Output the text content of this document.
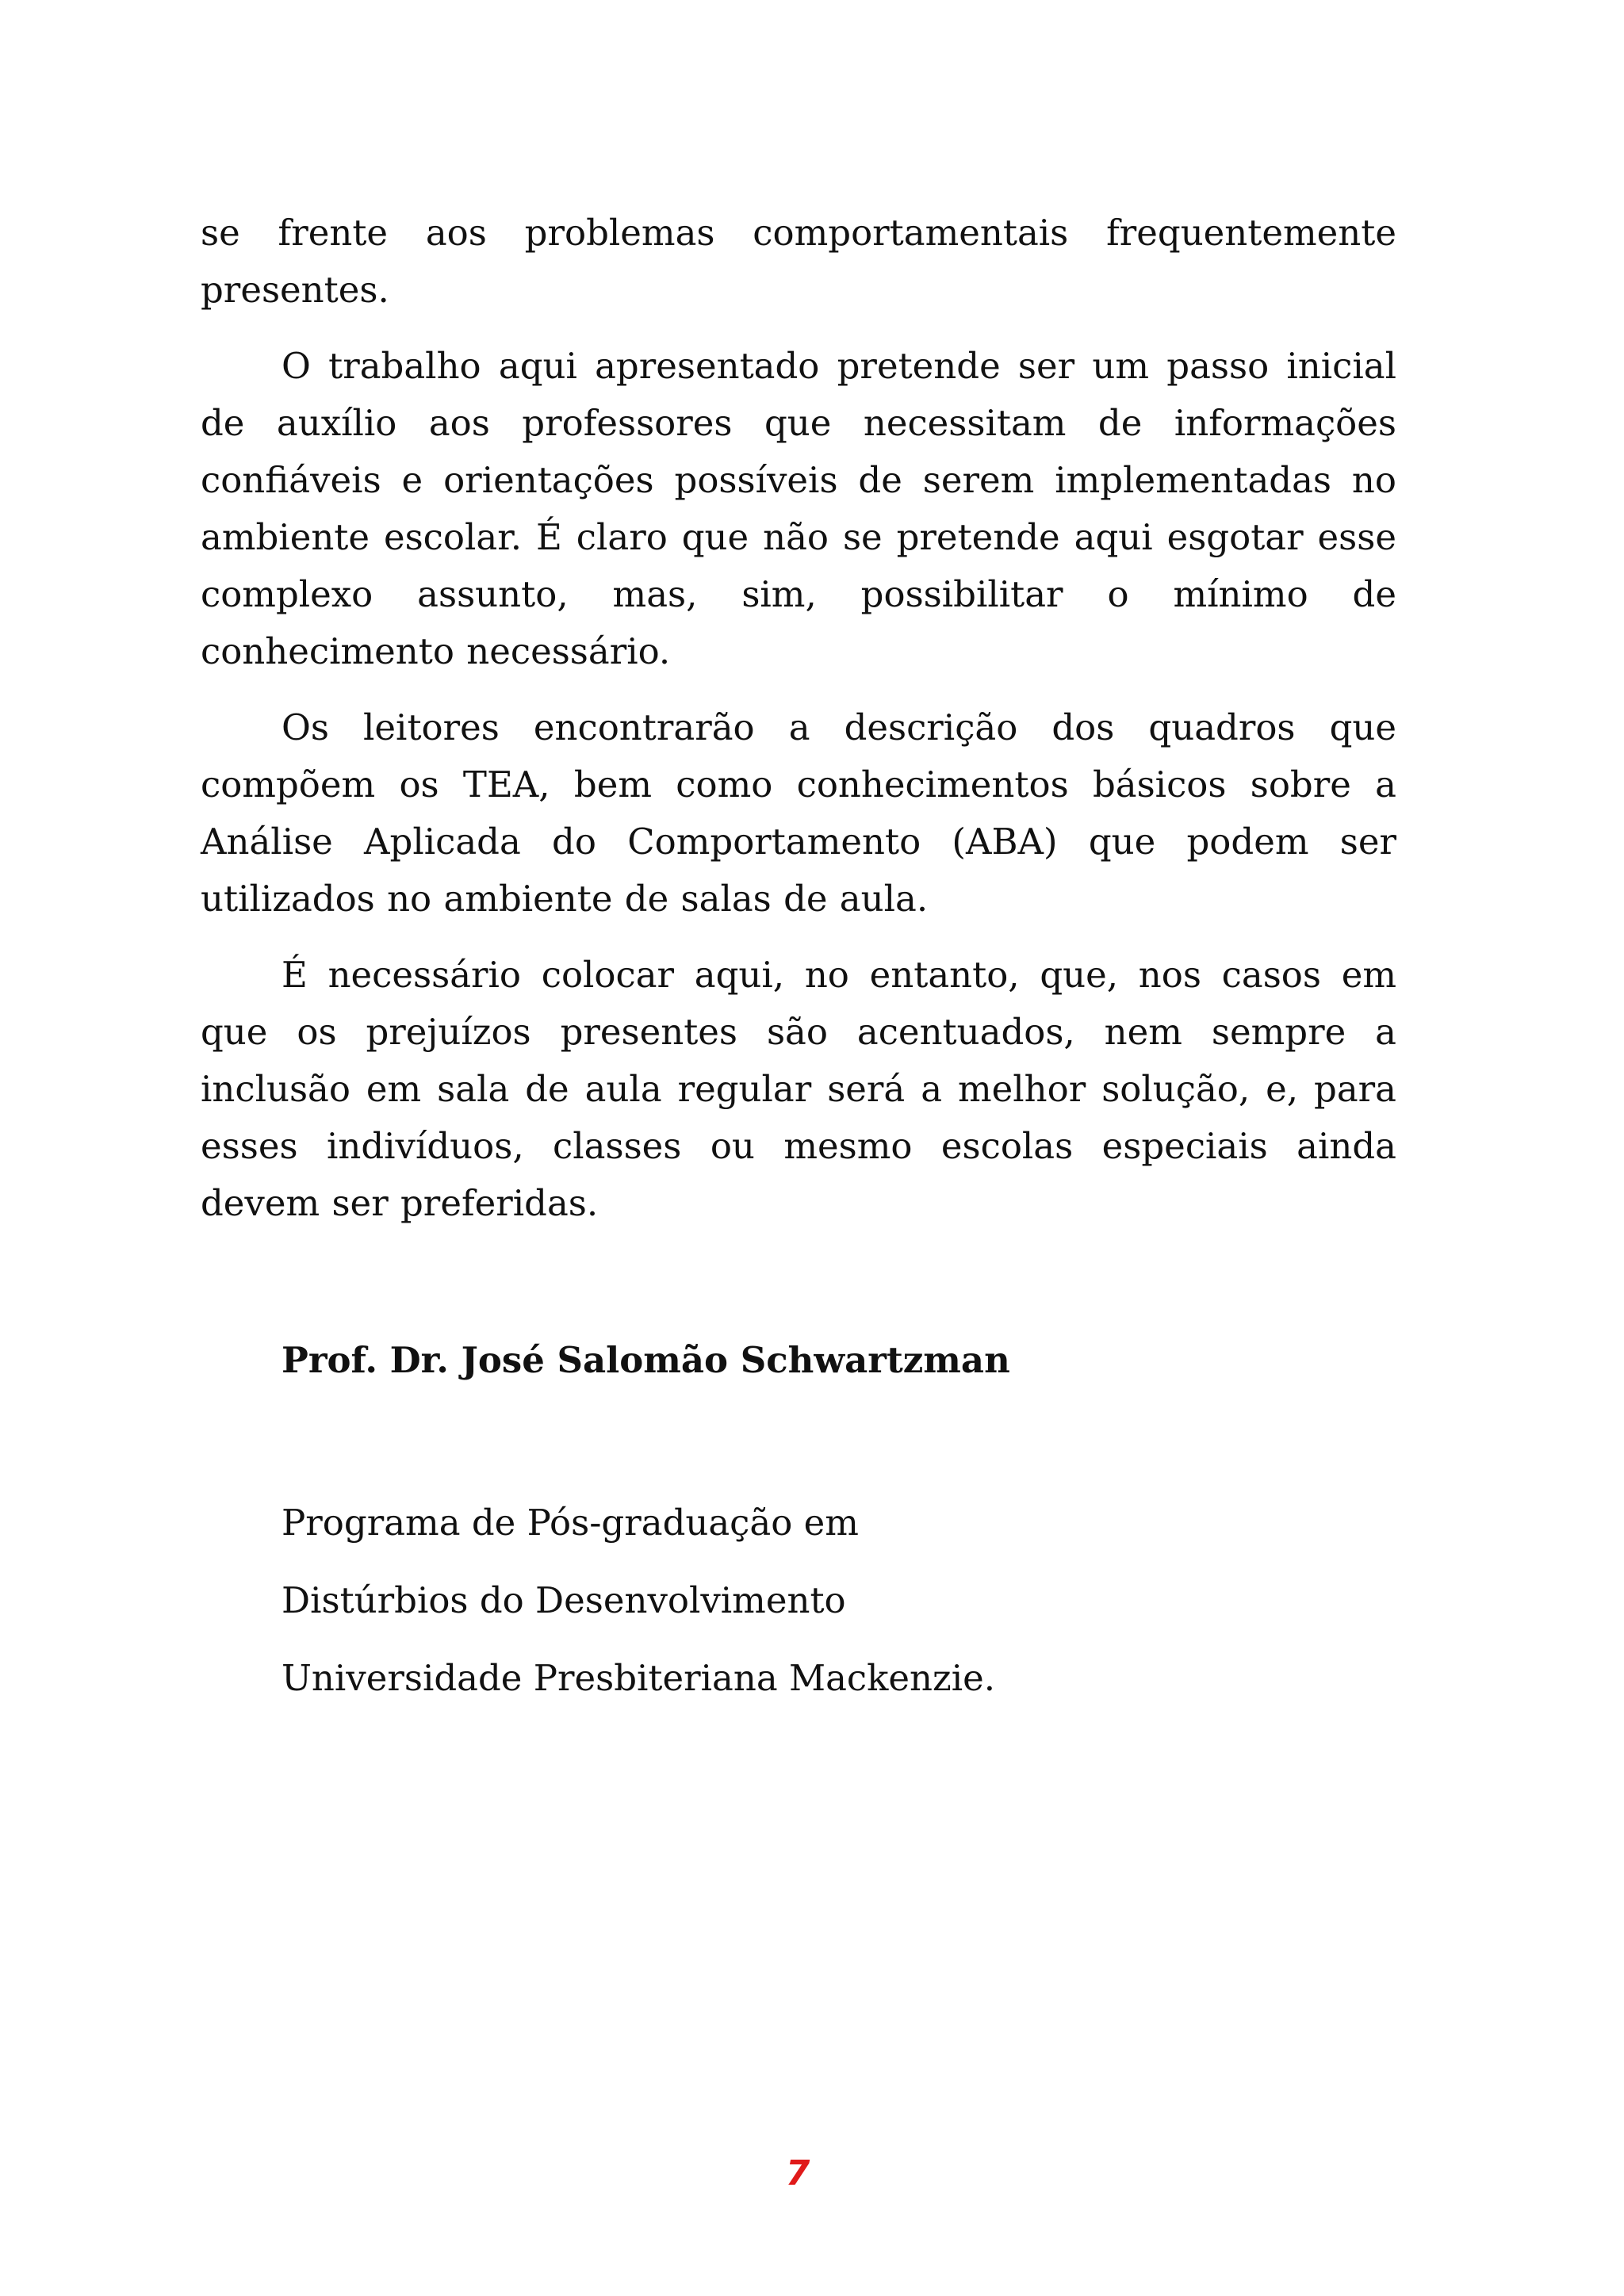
se frente aos problemas comportamentais frequentemente presentes.

O trabalho aqui apresentado pretende ser um passo inicial de auxílio aos professores que necessitam de informações confiáveis e orientações possíveis de serem implementadas no ambiente escolar. É claro que não se pretende aqui esgotar esse complexo assunto, mas, sim, possibilitar o mínimo de conhecimento necessário.

Os leitores encontrarão a descrição dos quadros que compõem os TEA, bem como conhecimentos básicos sobre a Análise Aplicada do Comportamento (ABA) que podem ser utilizados no ambiente de salas de aula.

É necessário colocar aqui, no entanto, que, nos casos em que os prejuízos presentes são acentuados, nem sempre a inclusão em sala de aula regular será a melhor solução, e, para esses indivíduos, classes ou mesmo escolas especiais ainda devem ser preferidas.

Prof. Dr. José Salomão Schwartzman
Programa de Pós-graduação em
Distúrbios do Desenvolvimento
Universidade Presbiteriana Mackenzie.
7
